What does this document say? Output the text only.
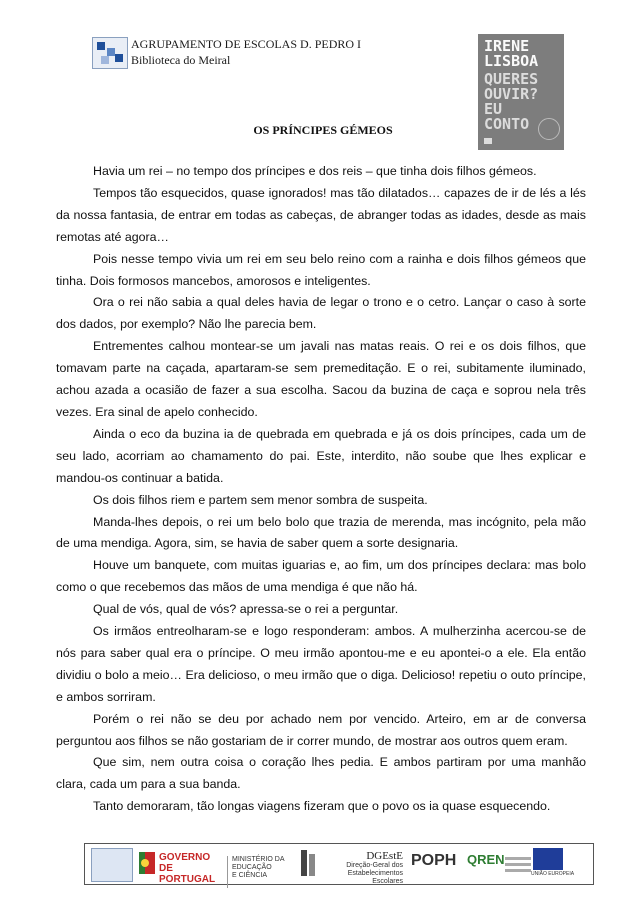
AGRUPAMENTO DE ESCOLAS D. PEDRO I
Biblioteca do Meiral
IRENE
LISBOA
QUERES
OUVIR?
EU
CONTO
OS PRÍNCIPES GÉMEOS

Havia um rei – no tempo dos príncipes e dos reis – que tinha dois filhos gémeos.

Tempos tão esquecidos, quase ignorados! mas tão dilatados… capazes de ir de lés a lés da nossa fantasia, de entrar em todas as cabeças, de abranger todas as idades, desde as mais remotas até agora…

Pois nesse tempo vivia um rei em seu belo reino com a rainha e dois filhos gémeos que tinha. Dois formosos mancebos, amorosos e inteligentes.

Ora o rei não sabia a qual deles havia de legar o trono e o cetro. Lançar o caso à sorte dos dados, por exemplo? Não lhe parecia bem.

Entrementes calhou montear-se um javali nas matas reais. O rei e os dois filhos, que tomavam parte na caçada, apartaram-se sem premeditação. E o rei, subitamente iluminado, achou azada a ocasião de fazer a sua escolha. Sacou da buzina de caça e soprou nela três vezes. Era sinal de apelo conhecido.

Ainda o eco da buzina ia de quebrada em quebrada e já os dois príncipes, cada um de seu lado, acorriam ao chamamento do pai. Este, interdito, não soube que lhes explicar e mandou-os continuar a batida.

Os dois filhos riem e partem sem menor sombra de suspeita.

Manda-lhes depois, o rei um belo bolo que trazia de merenda, mas incógnito, pela mão de uma mendiga. Agora, sim, se havia de saber quem a sorte designaria.

Houve um banquete, com muitas iguarias e, ao fim, um dos príncipes declara: mas bolo como o que recebemos das mãos de uma mendiga é que não há.

Qual de vós, qual de vós? apressa-se o rei a perguntar.

Os irmãos entreolharam-se e logo responderam: ambos. A mulherzinha acercou-se de nós para saber qual era o príncipe. O meu irmão apontou-me e eu apontei-o a ele. Ela então dividiu o bolo a meio… Era delicioso, o meu irmão que o diga. Delicioso! repetiu o outo príncipe, e ambos sorriram.

Porém o rei não se deu por achado nem por vencido. Arteiro, em ar de conversa perguntou aos filhos se não gostariam de ir correr mundo, de mostrar aos outros quem eram.

Que sim, nem outra coisa o coração lhes pedia. E ambos partiram por uma manhão clara, cada um para a sua banda.

Tanto demoraram, tão longas viagens fizeram que o povo os ia quase esquecendo.

GOVERNO DE
PORTUGAL
MINISTÉRIO DA EDUCAÇÃO
E CIÊNCIA
DGEstE
Direção-Geral dos
Estabelecimentos Escolares
POPH QREN
UNIÃO EUROPEIA
